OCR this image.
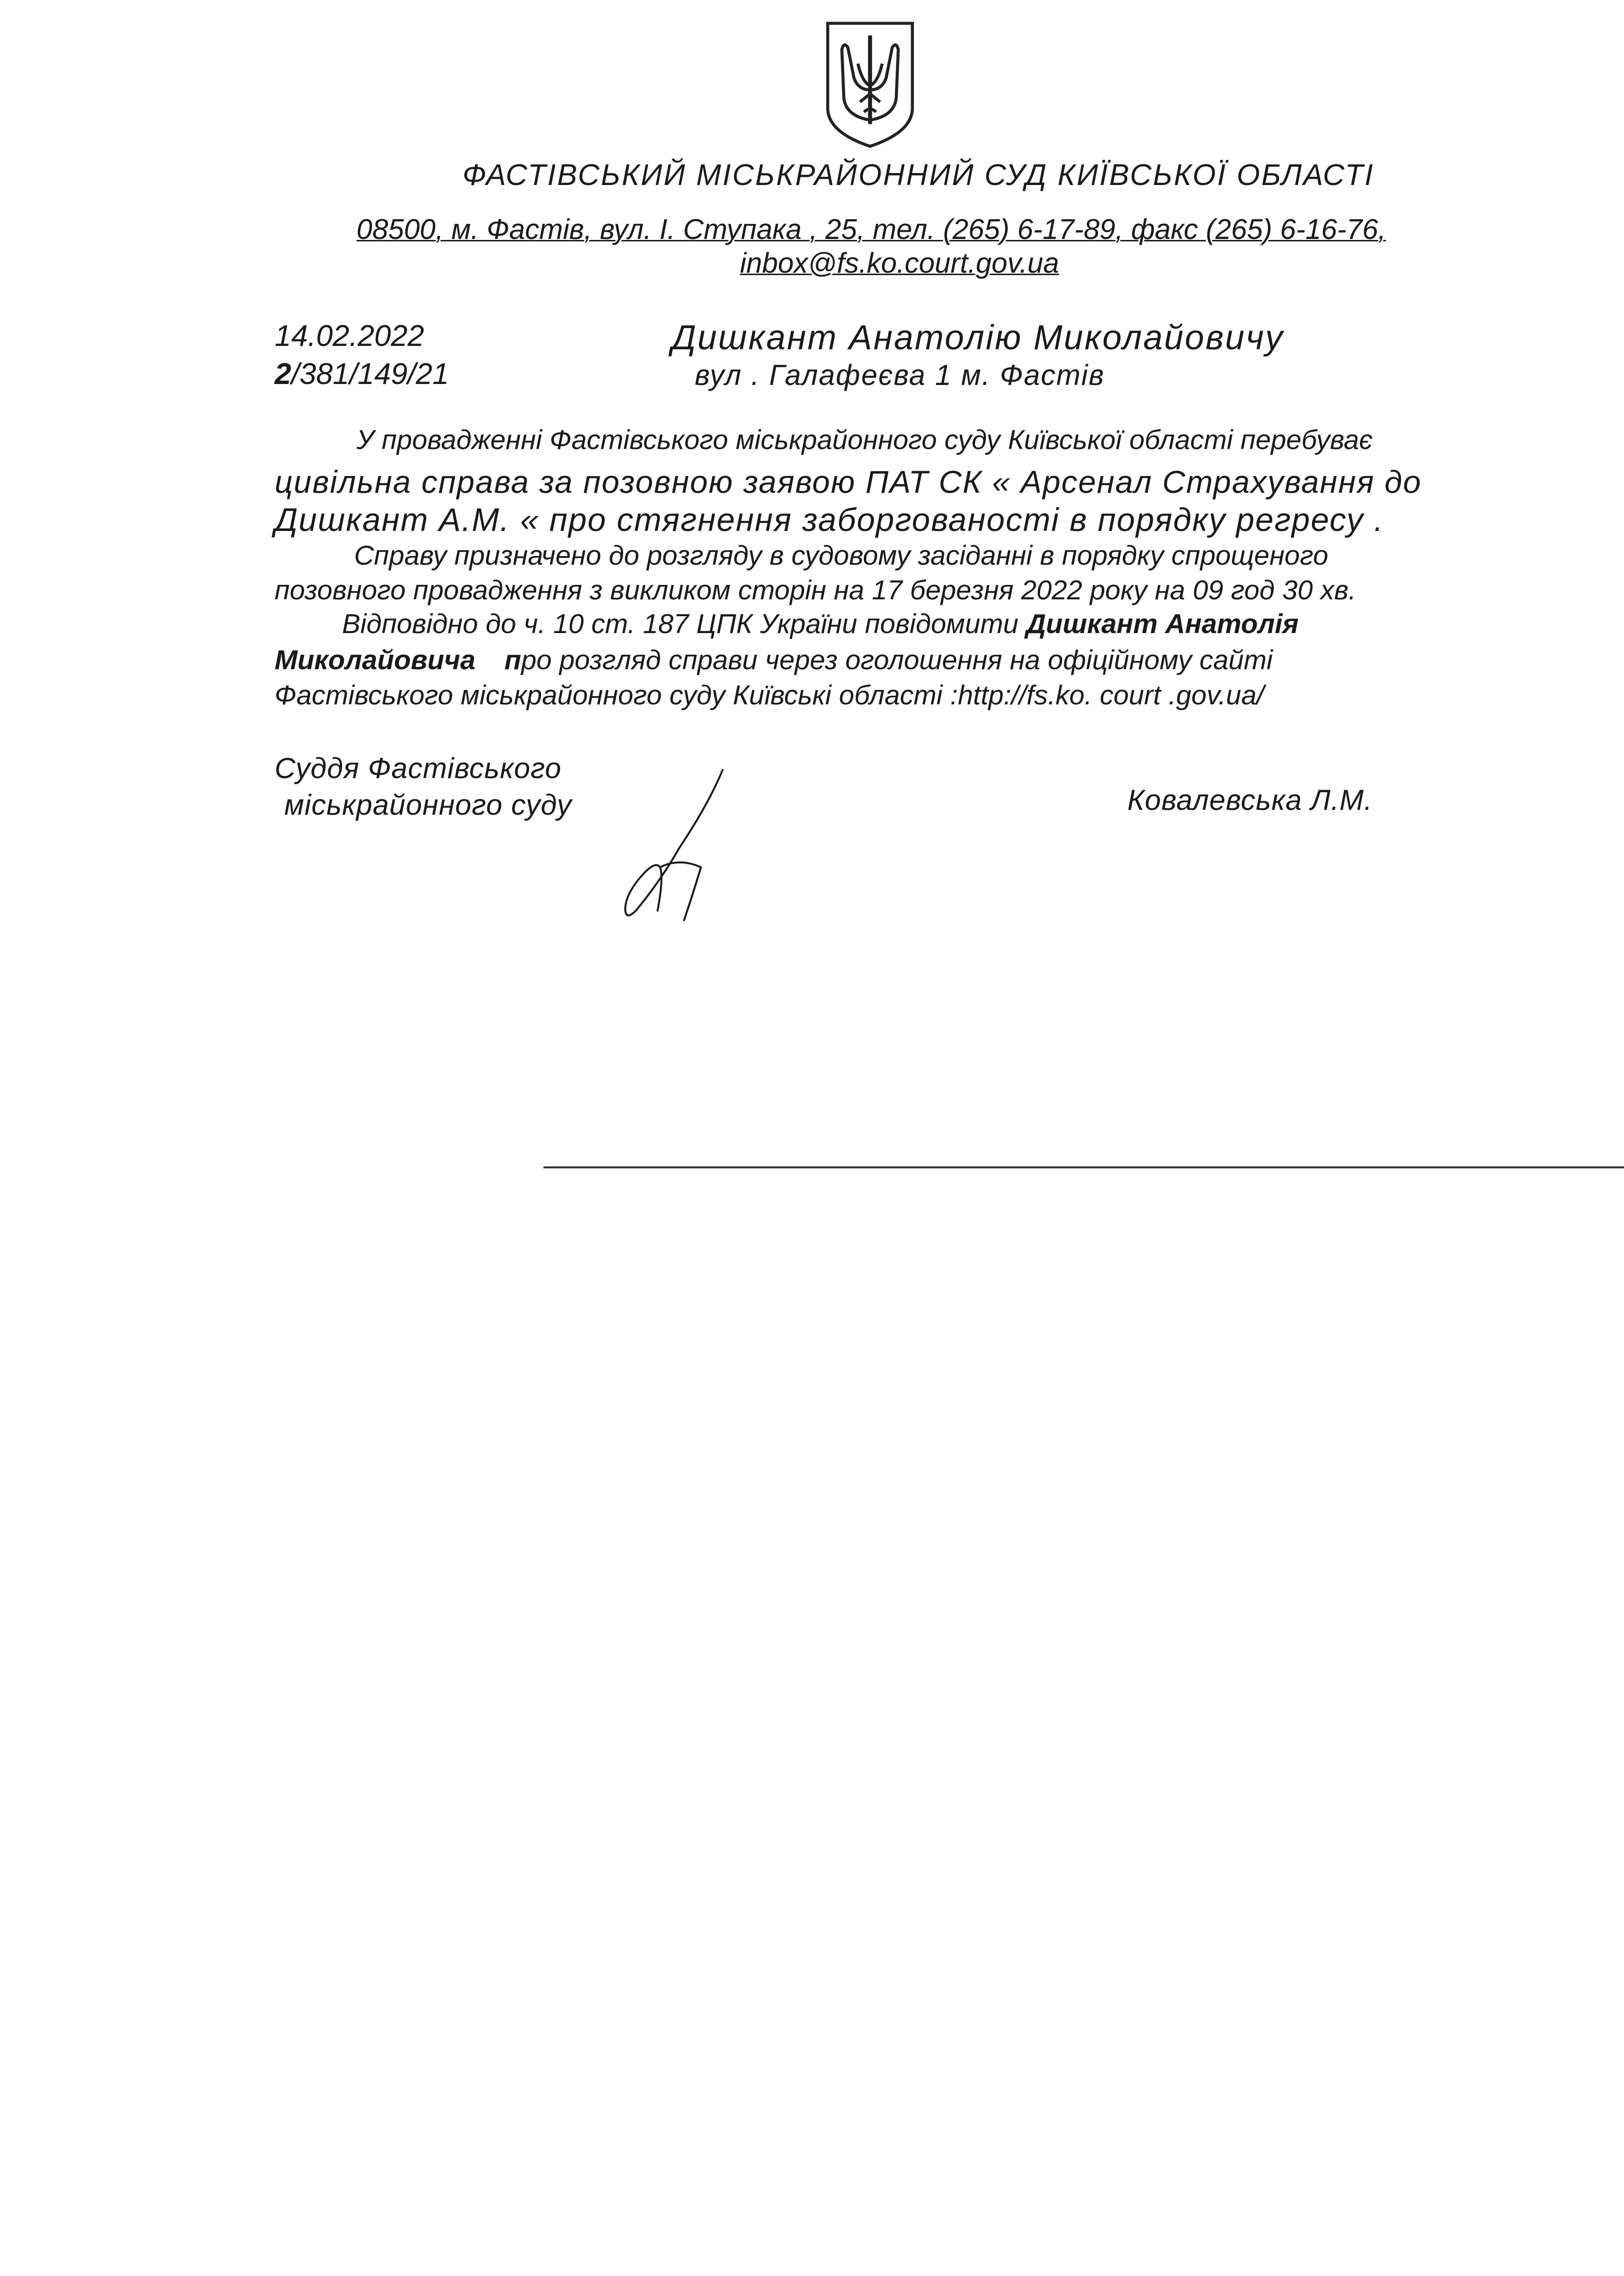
ФАСТІВСЬКИЙ МІСЬКРАЙОННИЙ СУД КИЇВСЬКОЇ ОБЛАСТІ
08500, м. Фастів, вул. І. Ступака , 25, тел. (265) 6-17-89, факс (265) 6-16-76,
inbox@fs.ko.court.gov.ua
14.02.2022
2/381/149/21
Дишкант Анатолію Миколайовичу
вул . Галафеєва 1 м. Фастів
У провадженні Фастівського міськрайонного суду Київської області перебуває
цивільна справа за позовною заявою ПАТ СК « Арсенал Страхування до
Дишкант А.М. « про стягнення заборгованості в порядку регресу .
Справу призначено до розгляду в судовому засіданні в порядку спрощеного
позовного провадження з викликом сторін на 17 березня 2022 року на 09 год 30 хв.
Відповідно до ч. 10 ст. 187 ЦПК України повідомити Дишкант Анатолія
Миколайовича про розгляд справи через оголошення на офіційному сайті
Фастівського міськрайонного суду Київські області :http://fs.ko. court .gov.ua/
Суддя Фастівського
міськрайонного суду	Ковалевська Л.М.
